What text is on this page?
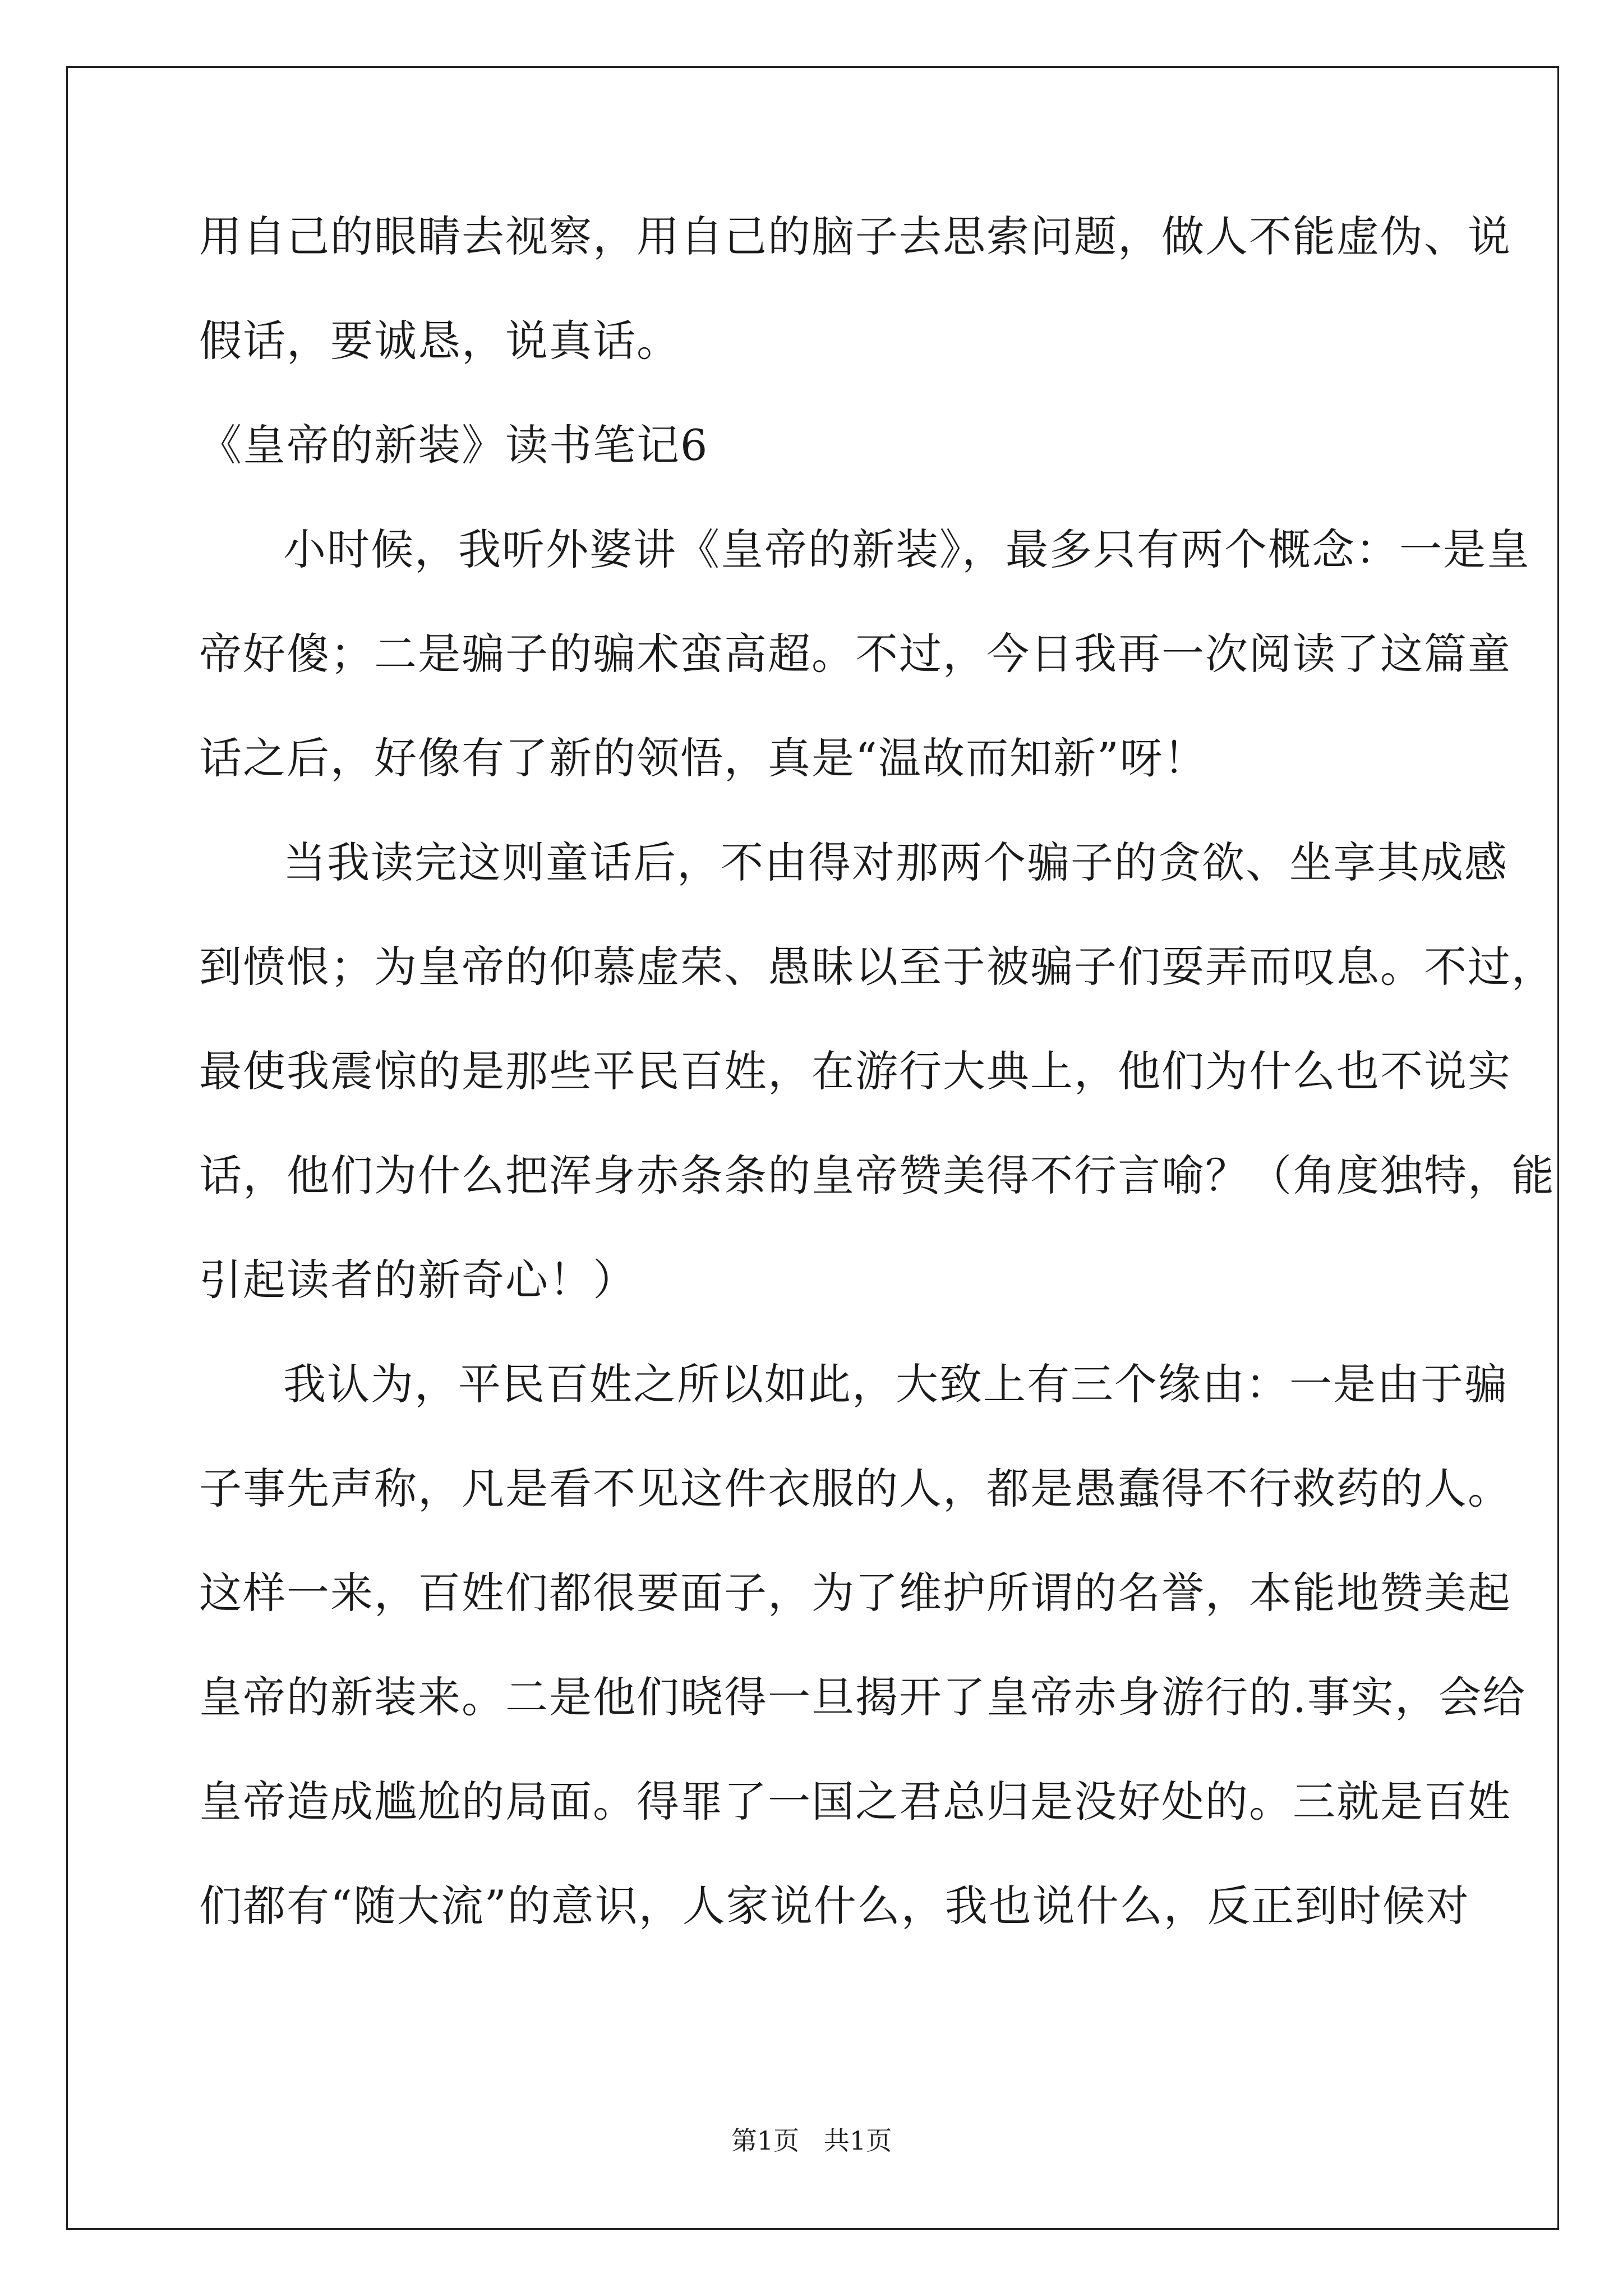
用自己的眼睛去视察，用自己的脑子去思索问题，做人不能虚伪、说
假话，要诚恳，说真话。
《皇帝的新装》读书笔记6
小时候，我听外婆讲《皇帝的新装》，最多只有两个概念：一是皇
帝好傻；二是骗子的骗术蛮高超。不过，今日我再一次阅读了这篇童
话之后，好像有了新的领悟，真是“温故而知新”呀！
当我读完这则童话后，不由得对那两个骗子的贪欲、坐享其成感
到愤恨；为皇帝的仰慕虚荣、愚昧以至于被骗子们耍弄而叹息。不过，
最使我震惊的是那些平民百姓，在游行大典上，他们为什么也不说实
话，他们为什么把浑身赤条条的皇帝赞美得不行言喻？（角度独特，能
引起读者的新奇心！）
我认为，平民百姓之所以如此，大致上有三个缘由：一是由于骗
子事先声称，凡是看不见这件衣服的人，都是愚蠢得不行救药的人。
这样一来，百姓们都很要面子，为了维护所谓的名誉，本能地赞美起
皇帝的新装来。二是他们晓得一旦揭开了皇帝赤身游行的.事实，会给
皇帝造成尴尬的局面。得罪了一国之君总归是没好处的。三就是百姓
们都有“随大流”的意识，人家说什么，我也说什么，反正到时候对
第1页   共1页
